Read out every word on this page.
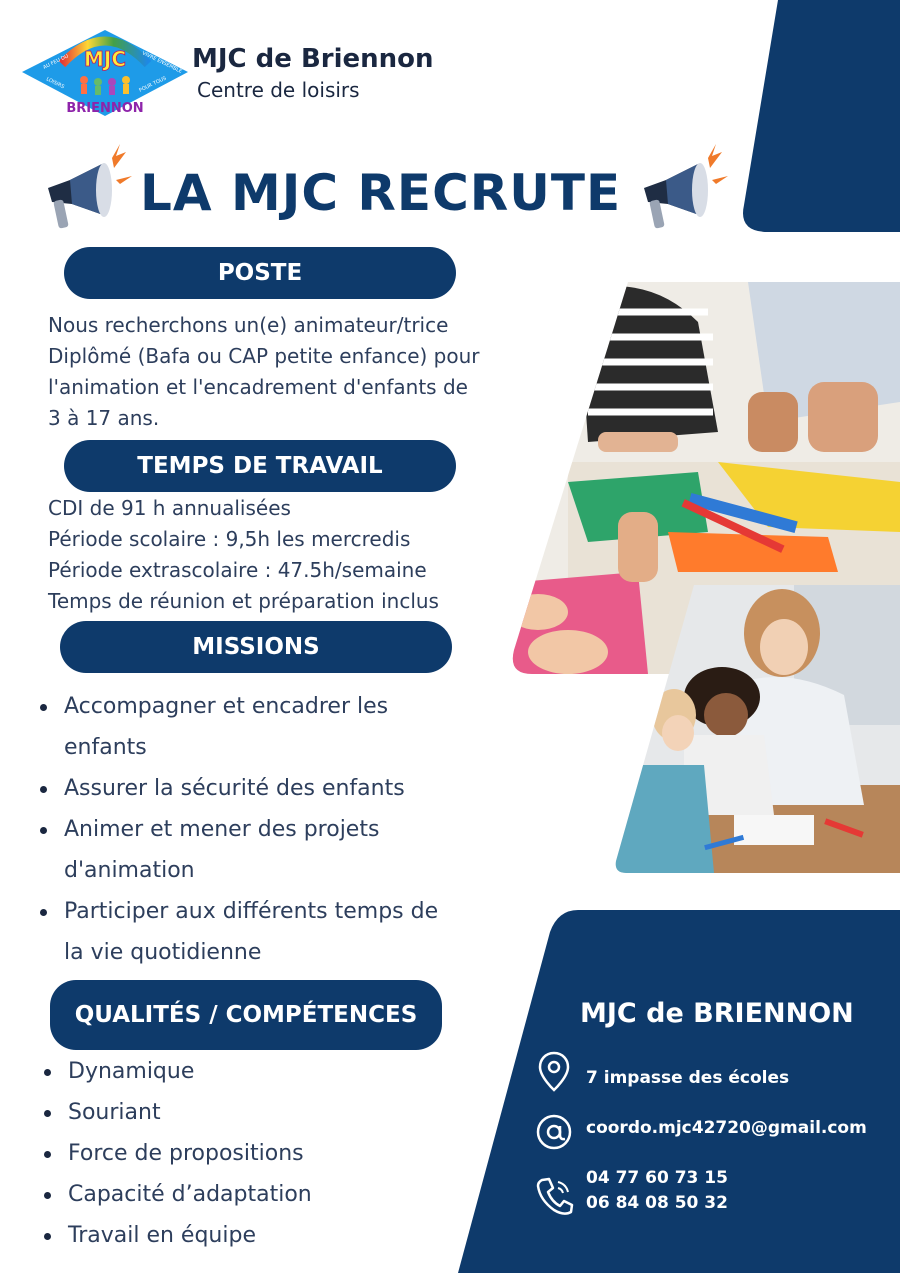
MJC
BRIENNON
AU FEU DU	VIVRE ENSEMBLE
LOISIRS	POUR TOUS
MJC de Briennon
Centre de loisirs
LA MJC RECRUTE
POSTE
Nous recherchons un(e) animateur/trice
Diplômé (Bafa ou CAP petite enfance) pour
l'animation et l'encadrement d'enfants de
3 à 17 ans.
TEMPS DE TRAVAIL
CDI de 91 h annualisées
Période scolaire : 9,5h les mercredis
Période extrascolaire : 47.5h/semaine
Temps de réunion et préparation inclus
MISSIONS
Accompagner et encadrer les
enfants
Assurer la sécurité des enfants
Animer et mener des projets
d'animation
Participer aux différents temps de
la vie quotidienne
QUALITÉS / COMPÉTENCES
Dynamique
Souriant
Force de propositions
Capacité d’adaptation
Travail en équipe
MJC de BRIENNON
7 impasse des écoles
coordo.mjc42720@gmail.com
04 77 60 73 15
06 84 08 50 32
